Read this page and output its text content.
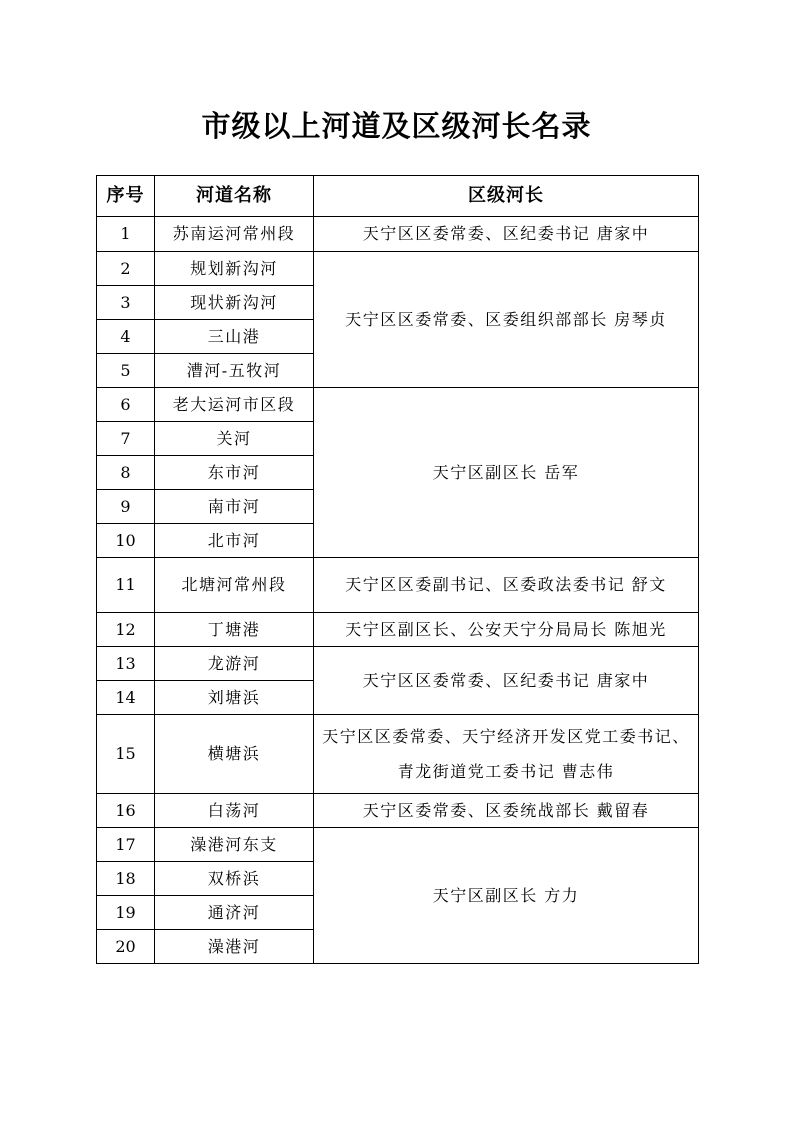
市级以上河道及区级河长名录
序号	河道名称	区级河长
1	苏南运河常州段	天宁区区委常委、区纪委书记 唐家中
2	规划新沟河	天宁区区委常委、区委组织部部长 房琴贞
3	现状新沟河	
4	三山港	
5	漕河-五牧河	
6	老大运河市区段	天宁区副区长 岳军
7	关河	
8	东市河	
9	南市河	
10	北市河	
11	北塘河常州段	天宁区区委副书记、区委政法委书记 舒文
12	丁塘港	天宁区副区长、公安天宁分局局长 陈旭光
13	龙游河	天宁区区委常委、区纪委书记 唐家中
14	刘塘浜	
15	横塘浜	天宁区区委常委、天宁经济开发区党工委书记、青龙街道党工委书记 曹志伟
16	白荡河	天宁区委常委、区委统战部长 戴留春
17	澡港河东支	天宁区副区长 方力
18	双桥浜	
19	通济河	
20	澡港河	
